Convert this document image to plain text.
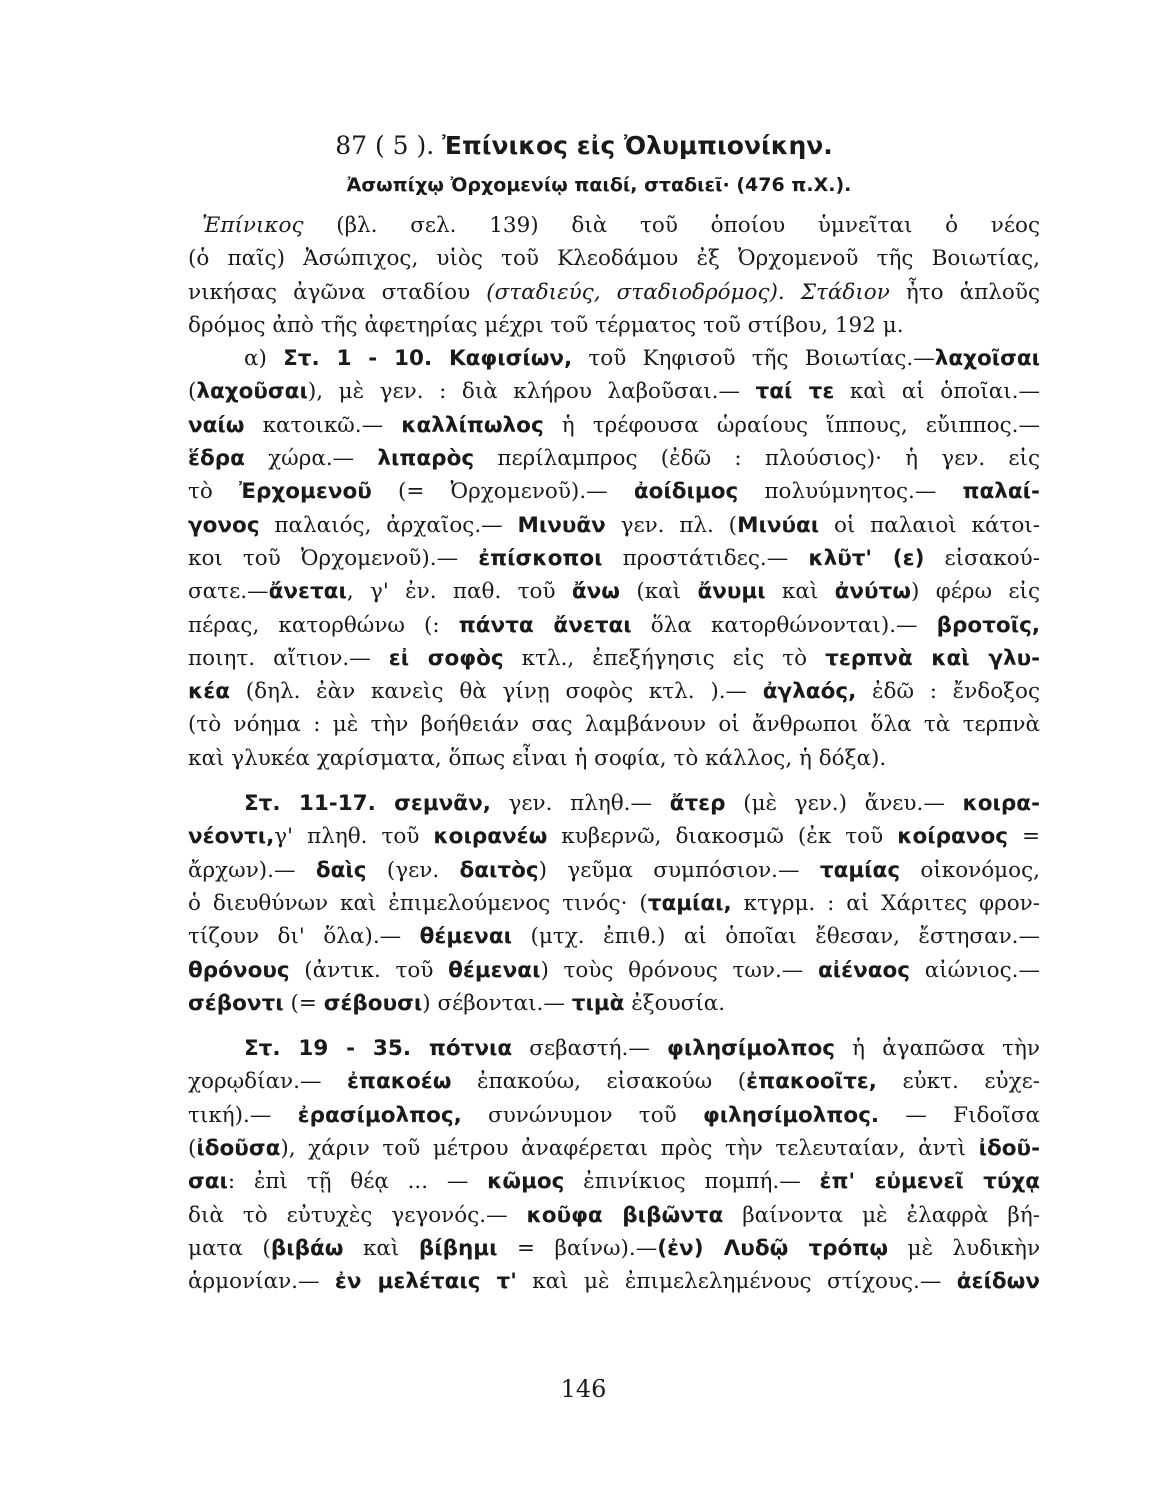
87 ( 5 ). Ἐπίνικος εἰς Ὀλυμπιονίκην.
Ἀσωπίχῳ Ὀρχομενίῳ παιδί, σταδιεῖ· (476 π.Χ.).
Ἐπίνικος (βλ. σελ. 139) διὰ τοῦ ὁποίου ὑμνεῖται ὁ νέος
(ὁ παῖς) Ἀσώπιχος, υἱὸς τοῦ Κλεοδάμου ἐξ Ὀρχομενοῦ τῆς Βοιωτίας,
νικήσας ἀγῶνα σταδίου (σταδιεύς, σταδιοδρόμος). Στάδιον ἦτο ἁπλοῦς
δρόμος ἀπὸ τῆς ἀφετηρίας μέχρι τοῦ τέρματος τοῦ στίβου, 192 μ.
α) Στ. 1 - 10. Καφισίων, τοῦ Κηφισοῦ τῆς Βοιωτίας.—λαχοῖσαι
(λαχοῦσαι), μὲ γεν. : διὰ κλήρου λαβοῦσαι.— ταί τε καὶ αἱ ὁποῖαι.—
ναίω κατοικῶ.— καλλίπωλος ἡ τρέφουσα ὡραίους ἵππους, εὔιππος.—
ἕδρα χώρα.— λιπαρὸς περίλαμπρος (ἐδῶ : πλούσιος)· ἡ γεν. εἰς
τὸ Ἐρχομενοῦ (= Ὀρχομενοῦ).— ἀοίδιμος πολυύμνητος.— παλαί-
γονος παλαιός, ἀρχαῖος.— Μινυᾶν γεν. πλ. (Μινύαι οἱ παλαιοὶ κάτοι-
κοι τοῦ Ὀρχομενοῦ).— ἐπίσκοποι προστάτιδες.— κλῦτ' (ε) εἰσακού-
σατε.—ἄνεται, γ' ἐν. παθ. τοῦ ἄνω (καὶ ἄνυμι καὶ ἀνύτω) φέρω εἰς
πέρας, κατορθώνω (: πάντα ἄνεται ὅλα κατορθώνονται).— βροτοῖς,
ποιητ. αἴτιον.— εἰ σοφὸς κτλ., ἐπεξήγησις εἰς τὸ τερπνὰ καὶ γλυ-
κέα (δηλ. ἐὰν κανεὶς θὰ γίνῃ σοφὸς κτλ. ).— ἀγλαός, ἐδῶ : ἔνδοξος
(τὸ νόημα : μὲ τὴν βοήθειάν σας λαμβάνουν οἱ ἄνθρωποι ὅλα τὰ τερπνὰ
καὶ γλυκέα χαρίσματα, ὅπως εἶναι ἡ σοφία, τὸ κάλλος, ἡ δόξα).
Στ. 11-17. σεμνᾶν, γεν. πληθ.— ἄτερ (μὲ γεν.) ἄνευ.— κοιρα-
νέοντι,γ' πληθ. τοῦ κοιρανέω κυβερνῶ, διακοσμῶ (ἐκ τοῦ κοίρανος =
ἄρχων).— δαὶς (γεν. δαιτὸς) γεῦμα συμπόσιον.— ταμίας οἰκονόμος,
ὁ διευθύνων καὶ ἐπιμελούμενος τινός· (ταμίαι, κτγρμ. : αἱ Χάριτες φρον-
τίζουν δι' ὅλα).— θέμεναι (μτχ. ἐπιθ.) αἱ ὁποῖαι ἔθεσαν, ἔστησαν.—
θρόνους (ἀντικ. τοῦ θέμεναι) τοὺς θρόνους των.— αἰέναος αἰώνιος.—
σέβοντι (= σέβουσι) σέβονται.— τιμὰ ἐξουσία.
Στ. 19 - 35. πότνια σεβαστή.— φιλησίμολπος ἡ ἀγαπῶσα τὴν
χορῳδίαν.— ἐπακοέω ἐπακούω, εἰσακούω (ἐπακοοῖτε, εὐκτ. εὐχε-
τική).— ἐρασίμολπος, συνώνυμον τοῦ φιλησίμολπος. — Fιδοῖσα
(ἰδοῦσα), χάριν τοῦ μέτρου ἀναφέρεται πρὸς τὴν τελευταίαν, ἀντὶ ἰδοῦ-
σαι: ἐπὶ τῇ θέᾳ ... — κῶμος ἐπινίκιος πομπή.— ἐπ' εὐμενεῖ τύχᾳ
διὰ τὸ εὐτυχὲς γεγονός.— κοῦφα βιβῶντα βαίνοντα μὲ ἐλαφρὰ βή-
ματα (βιβάω καὶ βίβημι = βαίνω).—(ἐν) Λυδῷ τρόπῳ μὲ λυδικὴν
ἁρμονίαν.— ἐν μελέταις τ' καὶ μὲ ἐπιμελελημένους στίχους.— ἀείδων
146
